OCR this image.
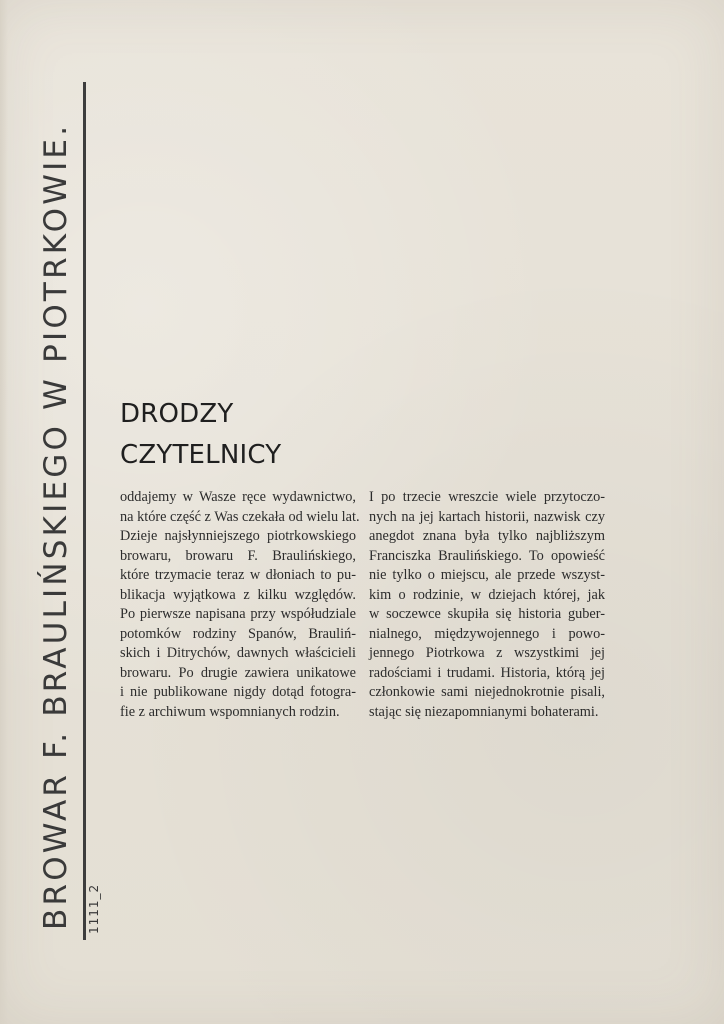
BROWAR F. BRAULIŃSKIEGO W PIOTRKOWIE. 1111_2
DRODZY
CZYTELNICY
oddajemy w Wasze ręce wydawnictwo,
na które część z Was czekała od wielu lat.
Dzieje najsłynniejszego piotrkowskiego
browaru, browaru F. Braulińskiego,
które trzymacie teraz w dłoniach to pu-
blikacja wyjątkowa z kilku względów.
Po pierwsze napisana przy współudziale
potomków rodziny Spanów, Brauliń-
skich i Ditrychów, dawnych właścicieli
browaru. Po drugie zawiera unikatowe
i nie publikowane nigdy dotąd fotogra-
fie z archiwum wspomnianych rodzin.
I po trzecie wreszcie wiele przytoczo-
nych na jej kartach historii, nazwisk czy
anegdot znana była tylko najbliższym
Franciszka Braulińskiego. To opowieść
nie tylko o miejscu, ale przede wszyst-
kim o rodzinie, w dziejach której, jak
w soczewce skupiła się historia guber-
nialnego, międzywojennego i powo-
jennego Piotrkowa z wszystkimi jej
radościami i trudami. Historia, którą jej
członkowie sami niejednokrotnie pisali,
stając się niezapomnianymi bohaterami.
